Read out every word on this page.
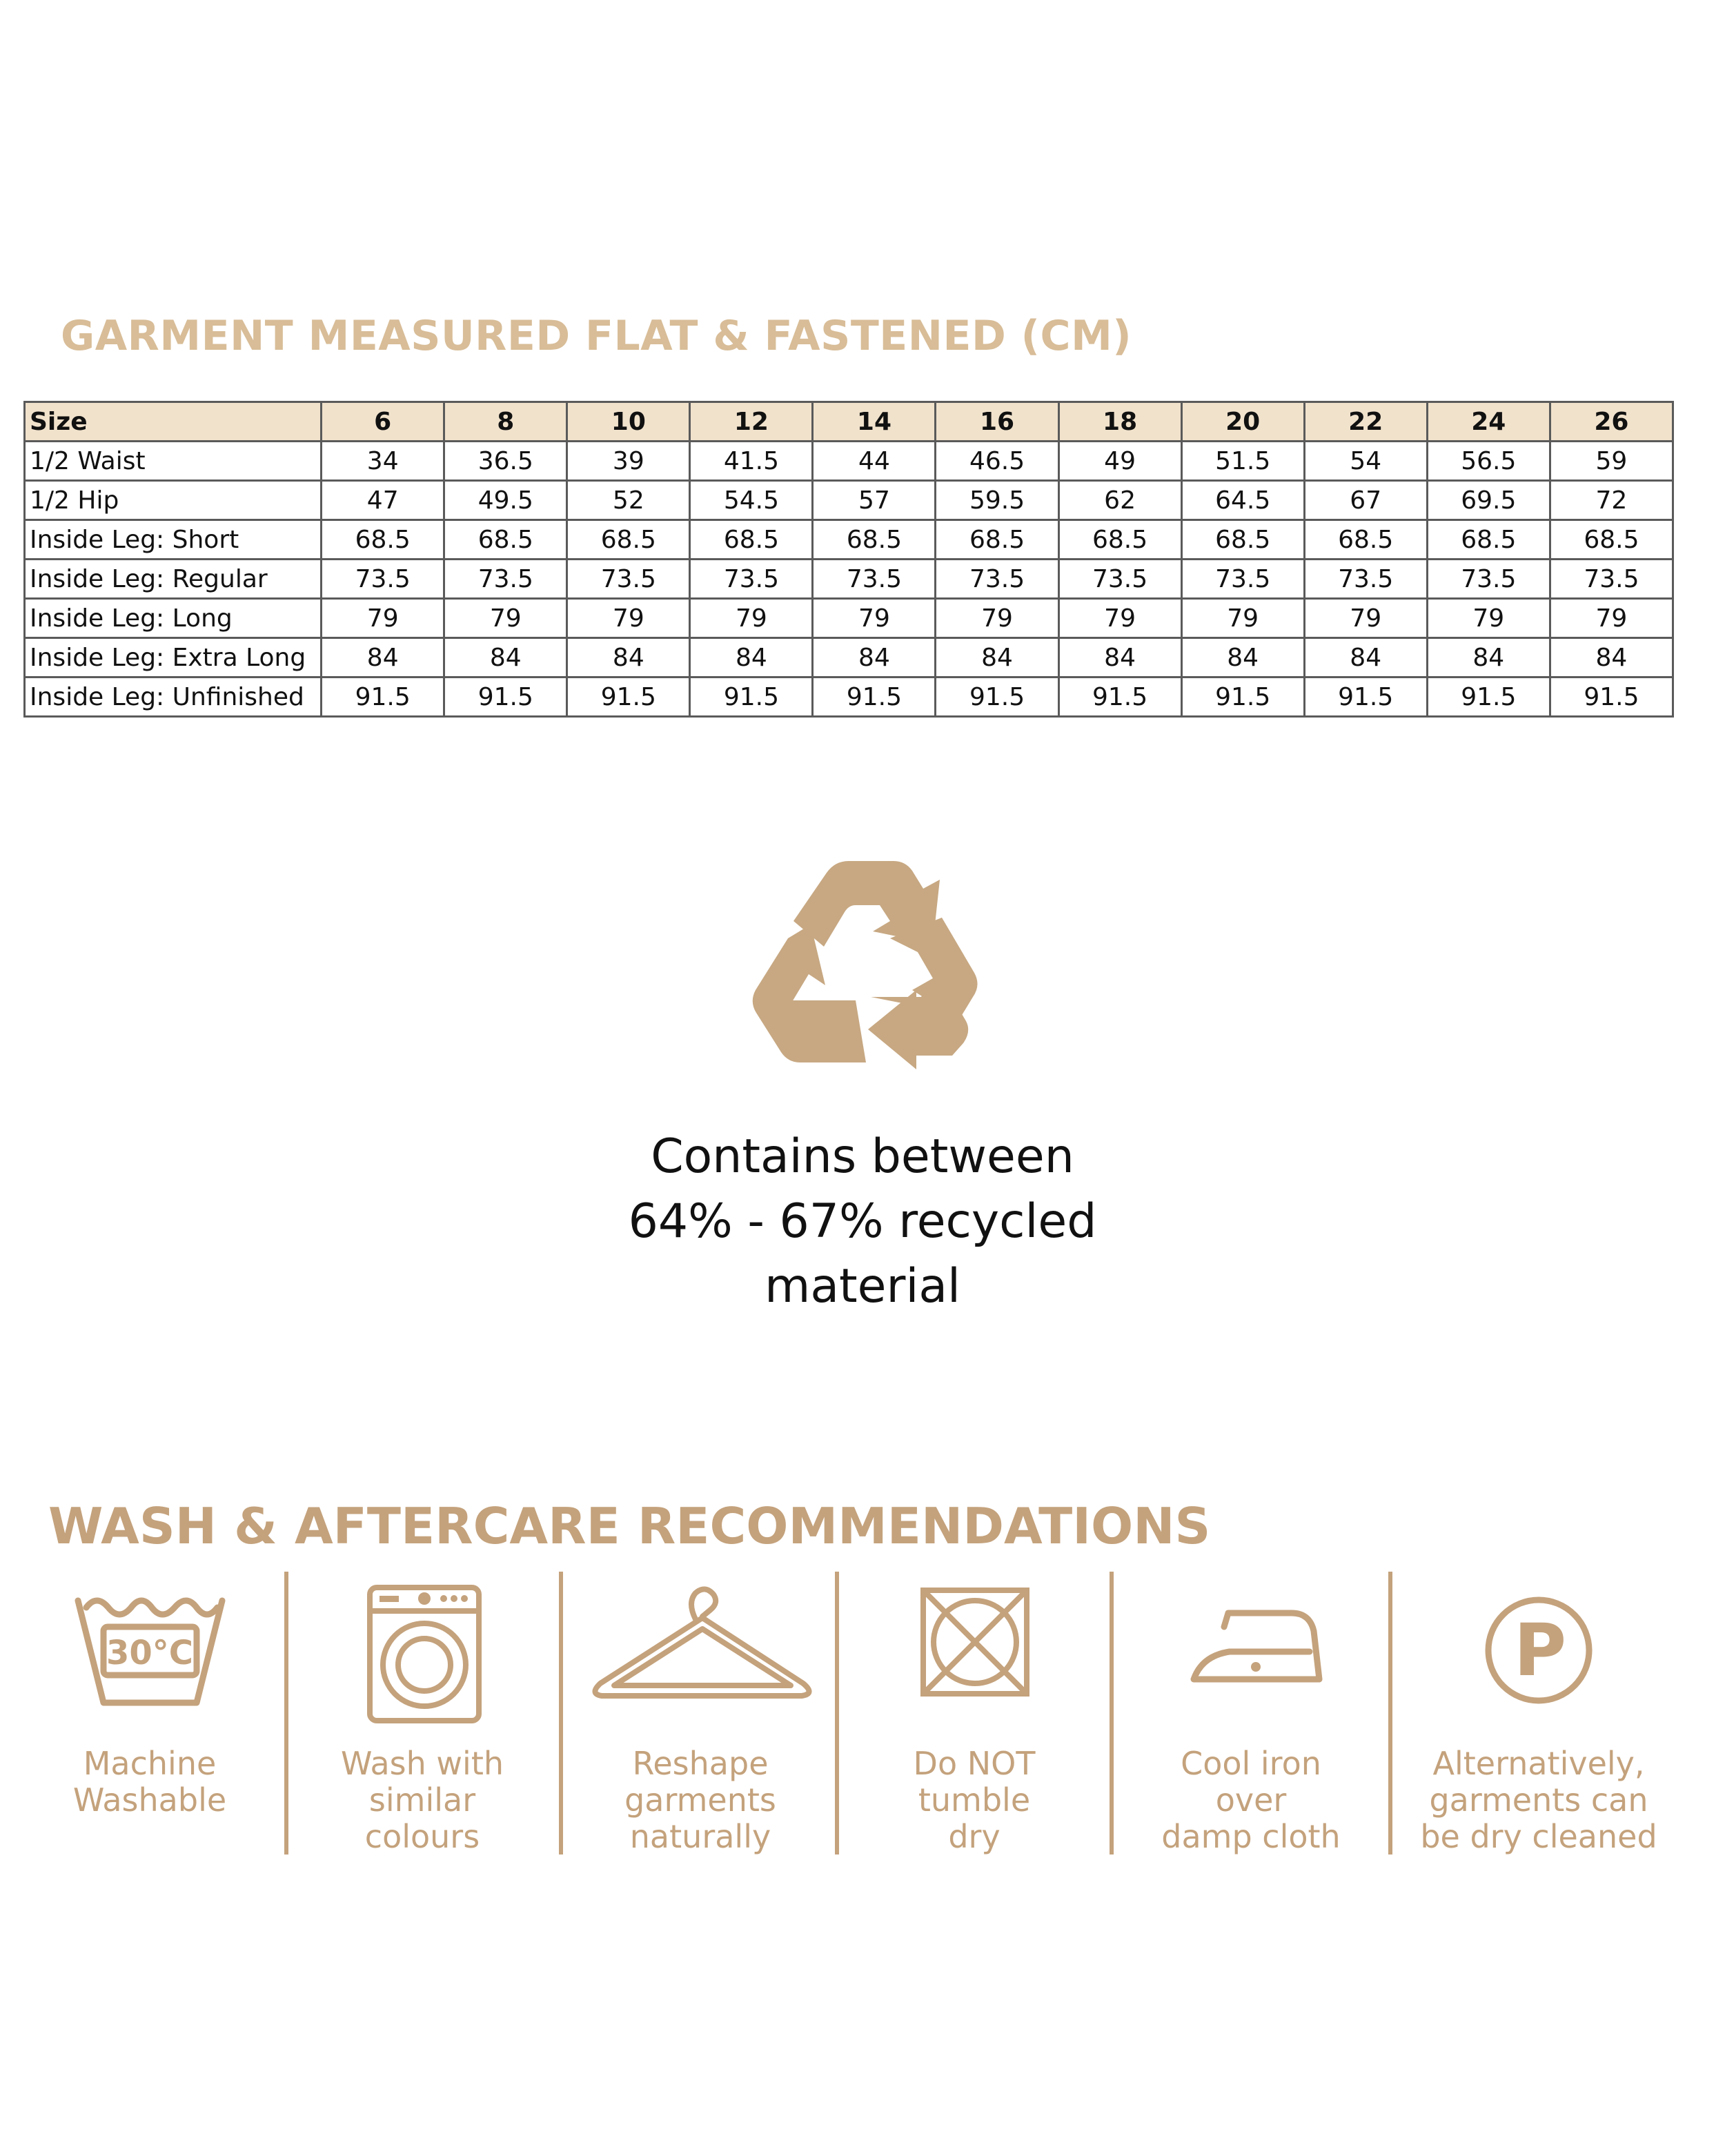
GARMENT MEASURED FLAT & FASTENED (CM)
Size	6	8	10	12	14	16	18	20	22	24	26
1/2 Waist	34	36.5	39	41.5	44	46.5	49	51.5	54	56.5	59
1/2 Hip	47	49.5	52	54.5	57	59.5	62	64.5	67	69.5	72
Inside Leg: Short	68.5	68.5	68.5	68.5	68.5	68.5	68.5	68.5	68.5	68.5	68.5
Inside Leg: Regular	73.5	73.5	73.5	73.5	73.5	73.5	73.5	73.5	73.5	73.5	73.5
Inside Leg: Long	79	79	79	79	79	79	79	79	79	79	79
Inside Leg: Extra Long	84	84	84	84	84	84	84	84	84	84	84
Inside Leg: Unfinished	91.5	91.5	91.5	91.5	91.5	91.5	91.5	91.5	91.5	91.5	91.5
Contains between
64% - 67% recycled
material
WASH & AFTERCARE RECOMMENDATIONS
30°C
Machine
Washable
Wash with
similar
colours
Reshape
garments
naturally
Do NOT
tumble
dry
Cool iron
over
damp cloth
P
Alternatively,
garments can
be dry cleaned
